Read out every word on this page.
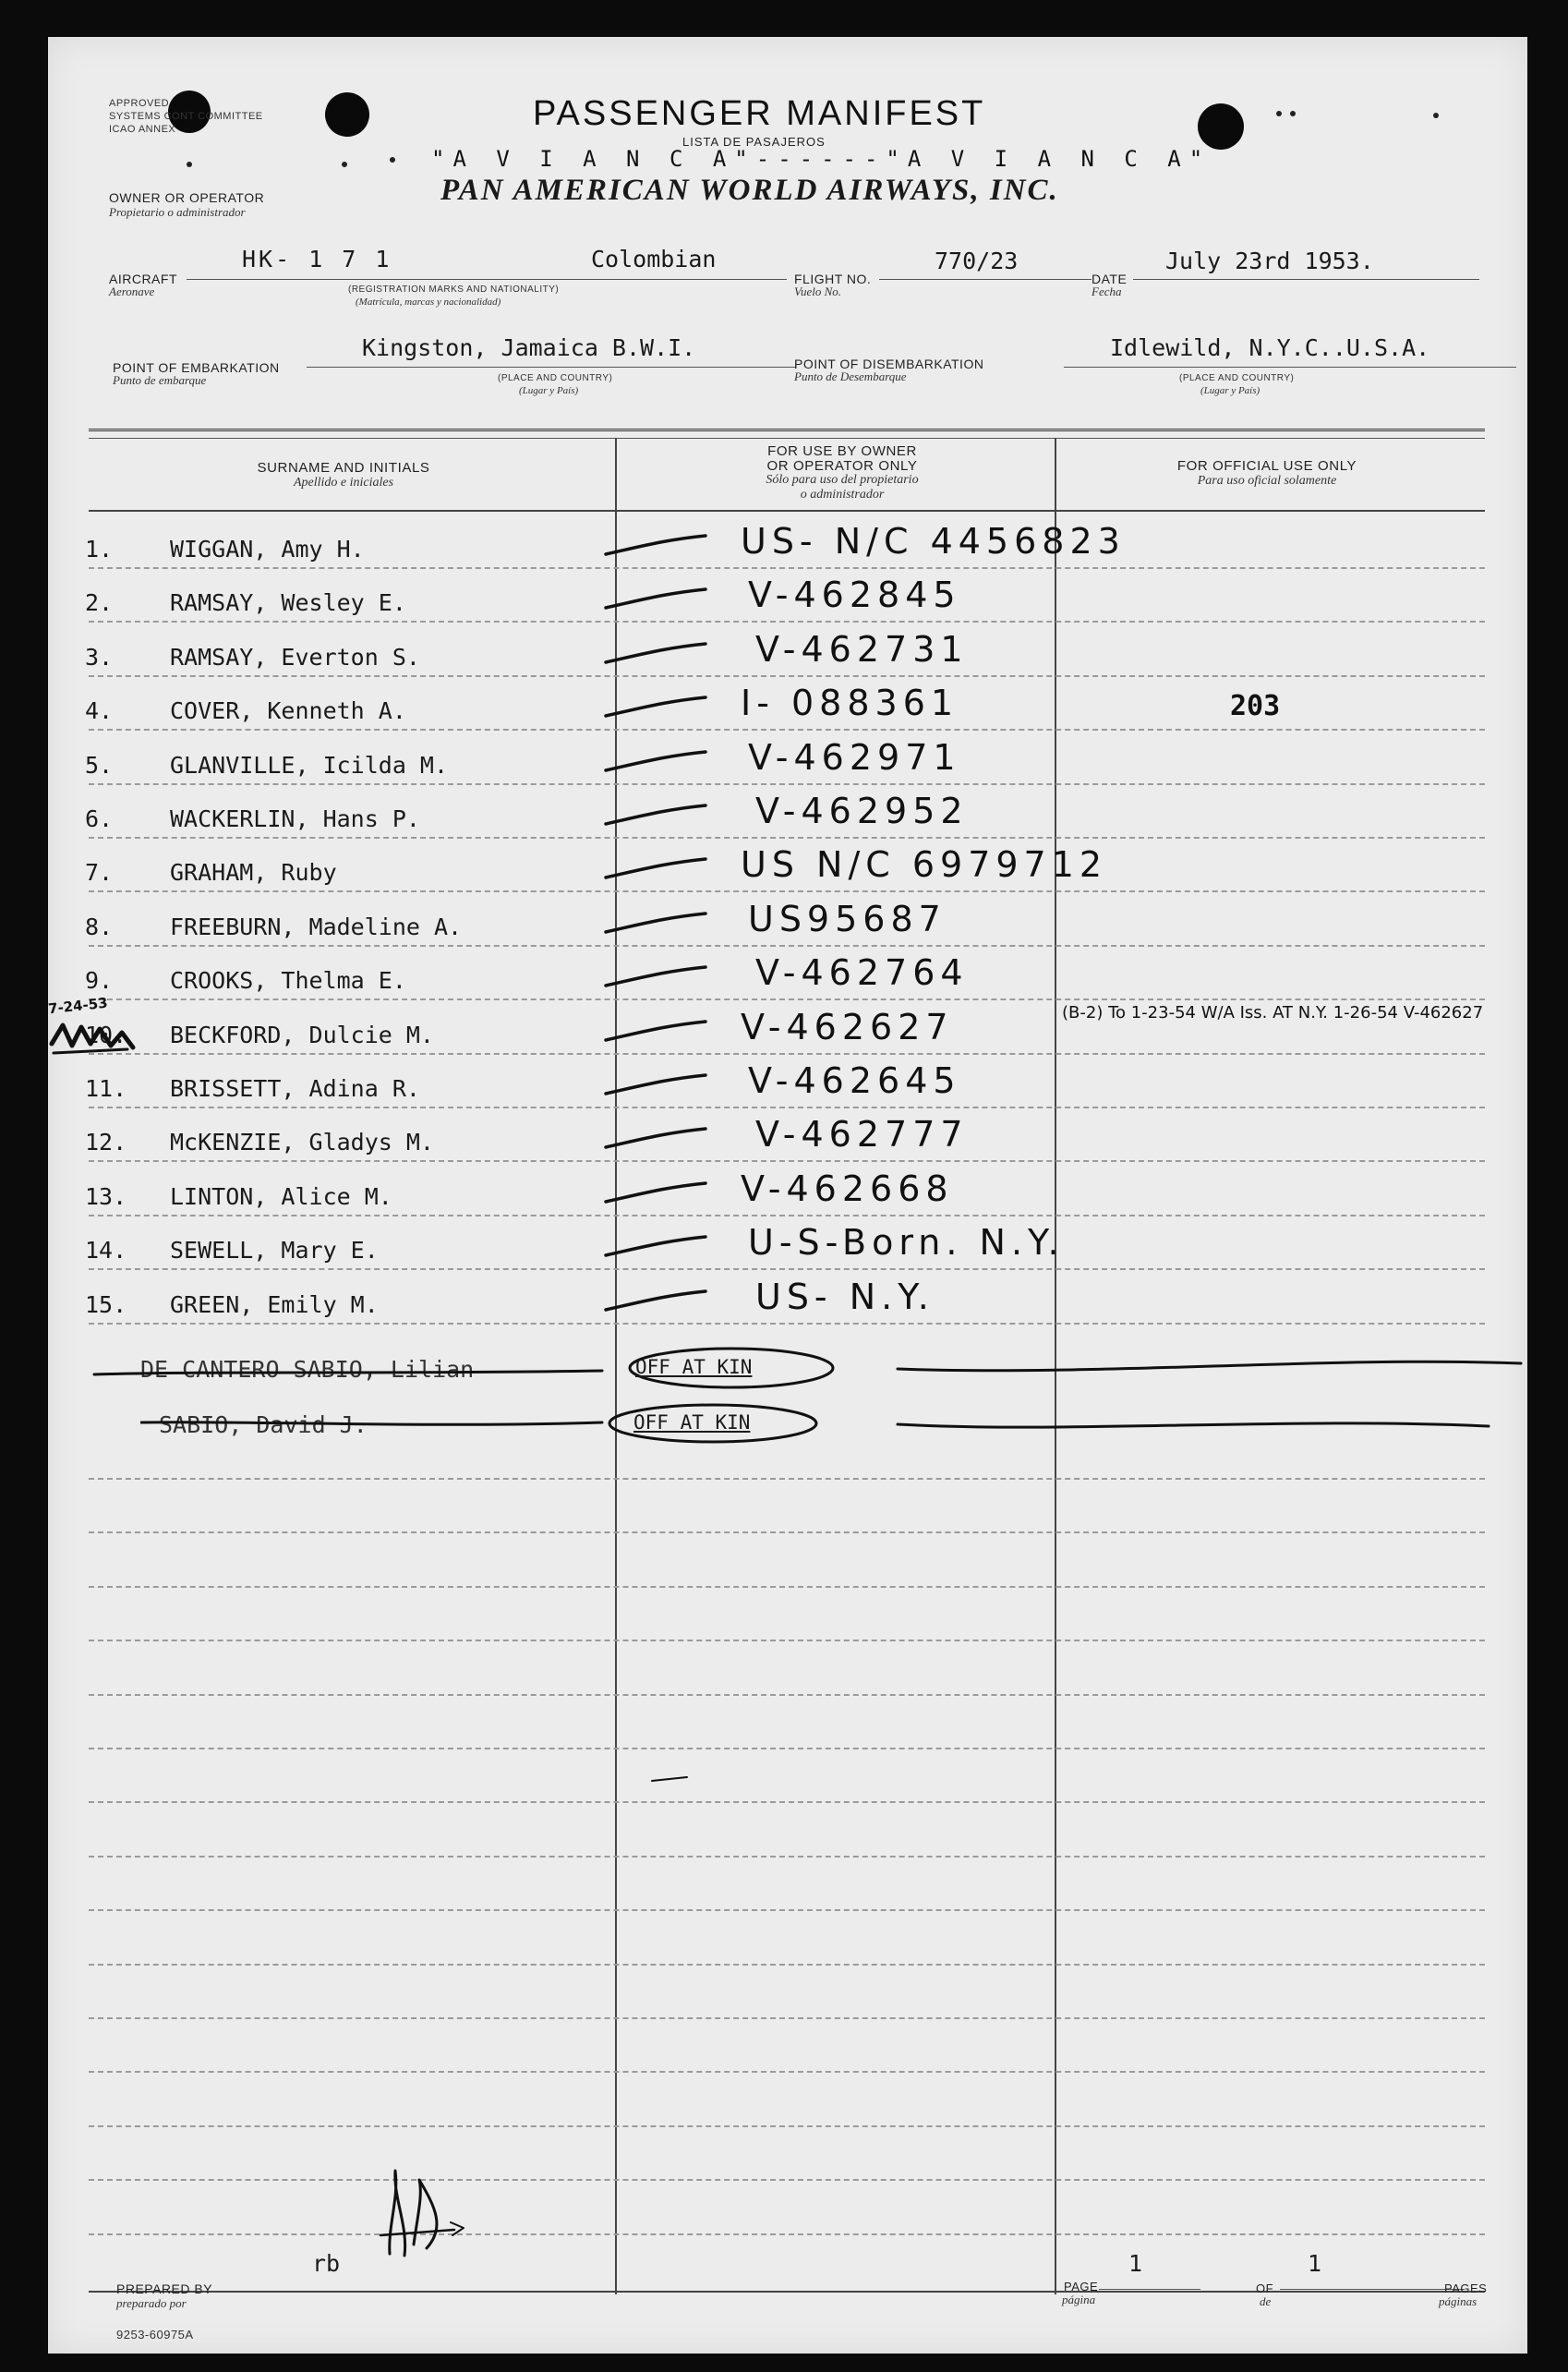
APPROVED
SYSTEMS CONT COMMITTEE
ICAO ANNEX	PASSENGER MANIFEST
LISTA DE PASAJEROS
"A V I A N C A"------"A V I A N C A"
PAN AMERICAN WORLD AIRWAYS, INC.
OWNER OR OPERATOR
Propietario o administrador
AIRCRAFT
Aeronave
HK- 1 7 1	Colombian
(REGISTRATION MARKS AND NATIONALITY)
(Matrícula, marcas y nacionalidad)
FLIGHT NO.
Vuelo No.
770/23
DATE
Fecha
July 23rd 1953.
POINT OF EMBARKATION
Punto de embarque
Kingston, Jamaica B.W.I.
(PLACE AND COUNTRY)
(Lugar y País)
POINT OF DISEMBARKATION
Punto de Desembarque
Idlewild, N.Y.C..U.S.A.
(PLACE AND COUNTRY)
(Lugar y País)
SURNAME AND INITIALS
Apellido e iniciales
FOR USE BY OWNER
OR OPERATOR ONLY
Sólo para uso del propietario
o administrador
FOR OFFICIAL USE ONLY
Para uso oficial solamente
1. WIGGAN, Amy H.	US- N/C 4456823
2. RAMSAY, Wesley E.	V-462845
3. RAMSAY, Everton S.	V-462731
4. COVER, Kenneth A.	I- 088361	203
5. GLANVILLE, Icilda M.	V-462971
6. WACKERLIN, Hans P.	V-462952
7. GRAHAM, Ruby	US N/C 6979712
8. FREEBURN, Madeline A.	US95687
9. CROOKS, Thelma E.	V-462764
10. BECKFORD, Dulcie M.	V-462627	(B-2) To 1-23-54 W/A Iss. AT N.Y. 1-26-54 V-462627
11. BRISSETT, Adina R.	V-462645
12. McKENZIE, Gladys M.	V-462777
13. LINTON, Alice M.	V-462668
14. SEWELL, Mary E.	U-S-Born. N.Y.
15. GREEN, Emily M.	US- N.Y.
7-24-53
DE CANTERO SABIO, Lilian	OFF AT KIN
SABIO, David J.	OFF AT KIN
PREPARED BY
preparado por
rb
PAGE
página
1
OF
de
1
PAGES
páginas
9253-60975A
